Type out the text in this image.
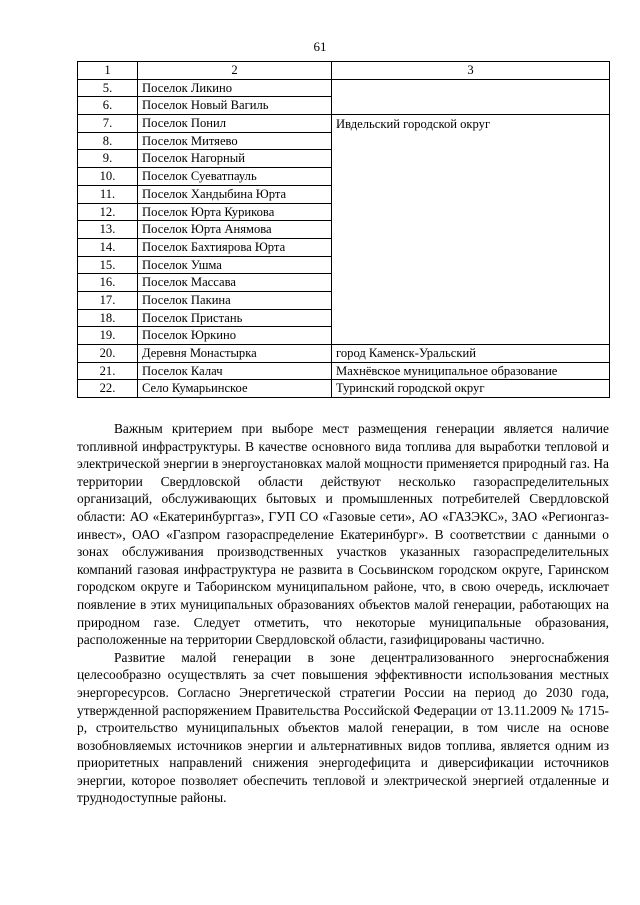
61
1	2	3
5.	Поселок Ликино	
6.	Поселок Новый Вагиль	
7.	Поселок Понил	Ивдельский городской округ
8.	Поселок Митяево	
9.	Поселок Нагорный	
10.	Поселок Суеватпауль	
11.	Поселок Хандыбина Юрта	
12.	Поселок Юрта Курикова	
13.	Поселок Юрта Анямова	
14.	Поселок Бахтиярова Юрта	
15.	Поселок Ушма	
16.	Поселок Массава	
17.	Поселок Пакина	
18.	Поселок Пристань	
19.	Поселок Юркино	
20.	Деревня Монастырка	город Каменск-Уральский
21.	Поселок Калач	Махнёвское муниципальное образование
22.	Село Кумарьинское	Туринский городской округ

Важным критерием при выборе мест размещения генерации является наличие топливной инфраструктуры. В качестве основного вида топлива для выработки тепловой и электрической энергии в энергоустановках малой мощности применяется природный газ. На территории Свердловской области действуют несколько газораспределительных организаций, обслуживающих бытовых и промышленных потребителей Свердловской области: АО «Екатеринбурггаз», ГУП СО «Газовые сети», АО «ГАЗЭКС», ЗАО «Регионгаз-инвест», ОАО «Газпром газораспределение Екатеринбург». В соответствии с данными о зонах обслуживания производственных участков указанных газораспределительных компаний газовая инфраструктура не развита в Сосьвинском городском округе, Гаринском городском округе и Таборинском муниципальном районе, что, в свою очередь, исключает появление в этих муниципальных образованиях объектов малой генерации, работающих на природном газе. Следует отметить, что некоторые муниципальные образования, расположенные на территории Свердловской области, газифицированы частично.

Развитие малой генерации в зоне децентрализованного энергоснабжения целесообразно осуществлять за счет повышения эффективности использования местных энергоресурсов. Согласно Энергетической стратегии России на период до 2030 года, утвержденной распоряжением Правительства Российской Федерации от 13.11.2009 № 1715-р, строительство муниципальных объектов малой генерации, в том числе на основе возобновляемых источников энергии и альтернативных видов топлива, является одним из приоритетных направлений снижения энергодефицита и диверсификации источников энергии, которое позволяет обеспечить тепловой и электрической энергией отдаленные и труднодоступные районы.
